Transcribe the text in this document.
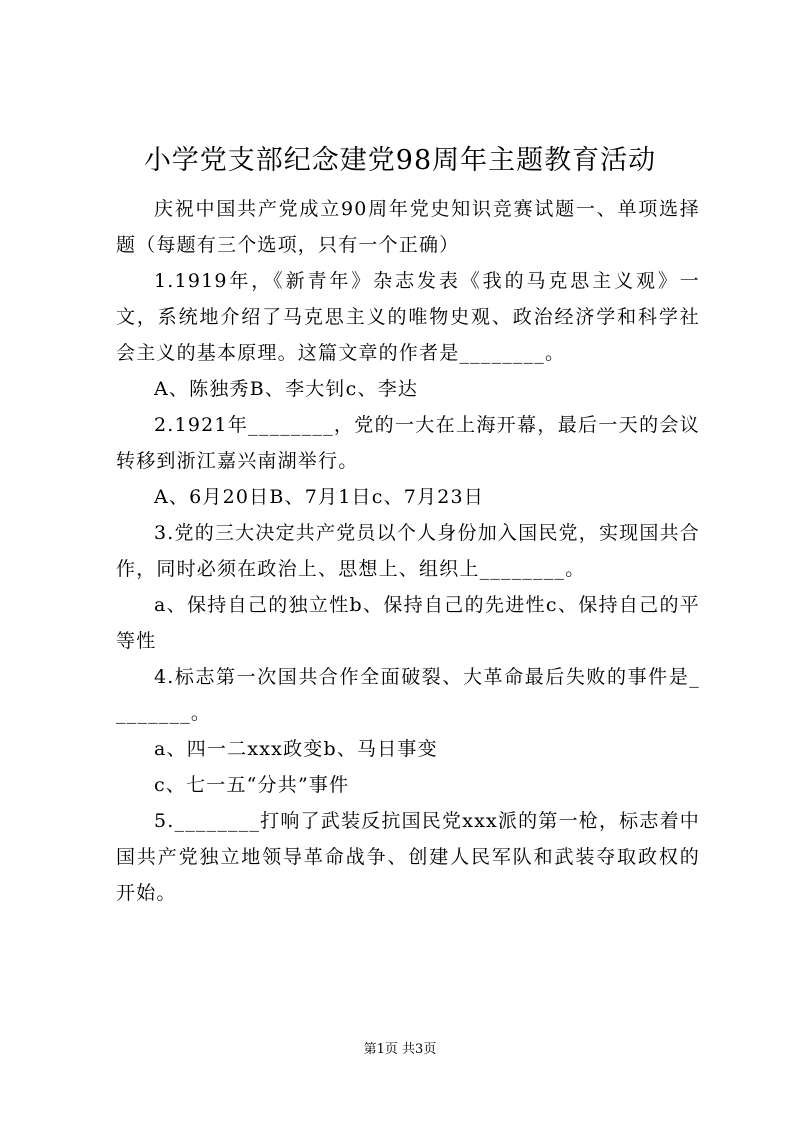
小学党支部纪念建党98周年主题教育活动

庆祝中国共产党成立90周年党史知识竞赛试题一、单项选择题（每题有三个选项，只有一个正确）

1.1919年，《新青年》杂志发表《我的马克思主义观》一文，系统地介绍了马克思主义的唯物史观、政治经济学和科学社会主义的基本原理。这篇文章的作者是________。

A、陈独秀B、李大钊c、李达

2.1921年________，党的一大在上海开幕，最后一天的会议转移到浙江嘉兴南湖举行。

A、6月20日B、7月1日c、7月23日

3.党的三大决定共产党员以个人身份加入国民党，实现国共合作，同时必须在政治上、思想上、组织上________。

a、保持自己的独立性b、保持自己的先进性c、保持自己的平等性

4.标志第一次国共合作全面破裂、大革命最后失败的事件是________。

a、四一二xxx政变b、马日事变

c、七一五“分共”事件

5.________打响了武装反抗国民党xxx派的第一枪，标志着中国共产党独立地领导革命战争、创建人民军队和武装夺取政权的开始。

第1页 共3页
